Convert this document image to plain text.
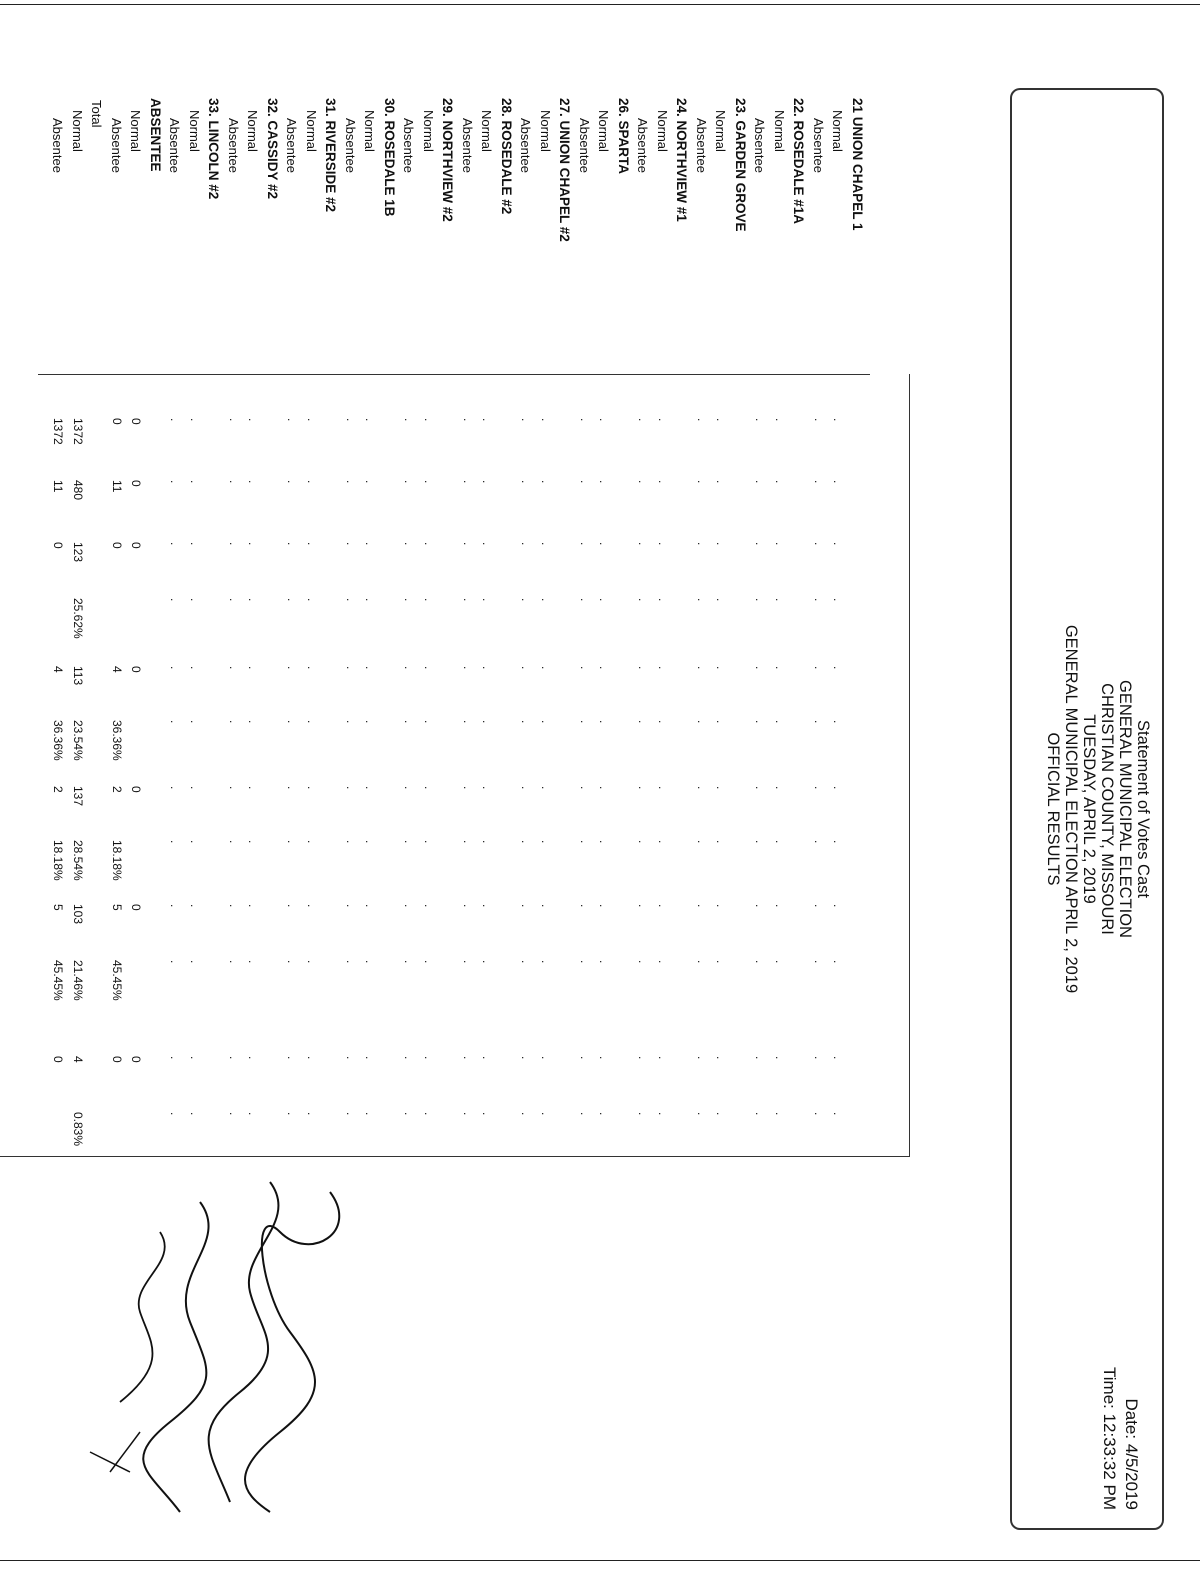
Statement of Votes Cast
GENERAL MUNICIPAL ELECTION
CHRISTIAN COUNTY, MISSOURI
TUESDAY, APRIL 2, 2019
GENERAL MUNICIPAL ELECTION APRIL 2, 2019
OFFICIAL RESULTS
Date: 4/5/2019
Time: 12:33:32 PM
21 UNION CHAPEL 1
Normal
Absentee
22. ROSEDALE #1A
Normal
Absentee
23. GARDEN GROVE
Normal
Absentee
24. NORTHVIEW #1
Normal
Absentee
26. SPARTA
Normal
Absentee
27. UNION CHAPEL #2
Normal
Absentee
28. ROSEDALE #2
Normal
Absentee
29. NORTHVIEW #2
Normal
Absentee
30. ROSEDALE 1B
Normal
Absentee
31. RIVERSIDE #2
Normal
Absentee
32. CASSIDY #2
Normal
Absentee
33. LINCOLN #2
Normal
Absentee
ABSENTEE
Normal
Absentee
Total
Normal
Absentee
.
.
.
.
.
.
.
.
.
.
.
.
.
.
.
.
.
.
.
.
.
.
.
.
0
0
1372
1372
.
.
.
.
.
.
.
.
.
.
.
.
.
.
.
.
.
.
.
.
.
.
.
.
0
11
480
11
.
.
.
.
.
.
.
.
.
.
.
.
.
.
.
.
.
.
.
.
.
.
.
.
0
0
123
0
.
.
.
.
.
.
.
.
.
.
.
.
.
.
.
.
.
.
.
.
.
.
.
.
25.62%
.
.
.
.
.
.
.
.
.
.
.
.
.
.
.
.
.
.
.
.
.
.
.
.
0
4
113
4
.
.
.
.
.
.
.
.
.
.
.
.
.
.
.
.
.
.
.
.
.
.
.
.
36.36%
23.54%
36.36%
.
.
.
.
.
.
.
.
.
.
.
.
.
.
.
.
.
.
.
.
.
.
.
.
0
2
137
2
.
.
.
.
.
.
.
.
.
.
.
.
.
.
.
.
.
.
.
.
.
.
.
.
18.18%
28.54%
18.18%
.
.
.
.
.
.
.
.
.
.
.
.
.
.
.
.
.
.
.
.
.
.
.
.
0
5
103
5
.
.
.
.
.
.
.
.
.
.
.
.
.
.
.
.
.
.
.
.
.
.
.
.
45.45%
21.46%
45.45%
.
.
.
.
.
.
.
.
.
.
.
.
.
.
.
.
.
.
.
.
.
.
.
.
0
0
4
0
.
.
.
.
.
.
.
.
.
.
.
.
.
.
.
.
.
.
.
.
.
.
.
.
0.83%
